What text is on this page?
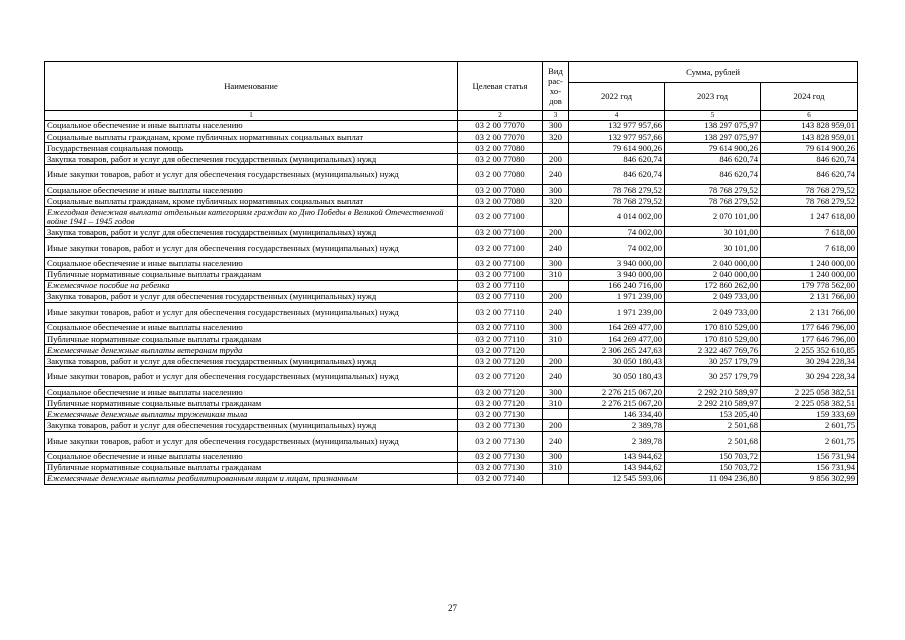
Наименование	Целевая статья	Вид рас-хо-дов	Сумма, рублей		
			2022 год	2023 год	2024 год
1	2	3	4	5	6
Социальное обеспечение и иные выплаты населению	03 2 00 77070	300	132 977 957,66	138 297 075,97	143 828 959,01
Социальные выплаты гражданам, кроме публичных нормативных социальных выплат	03 2 00 77070	320	132 977 957,66	138 297 075,97	143 828 959,01
Государственная социальная помощь	03 2 00 77080		79 614 900,26	79 614 900,26	79 614 900,26
Закупка товаров, работ и услуг для обеспечения государственных (муниципальных) нужд	03 2 00 77080	200	846 620,74	846 620,74	846 620,74
Иные закупки товаров, работ и услуг для обеспечения государственных (муниципальных) нужд	03 2 00 77080	240	846 620,74	846 620,74	846 620,74
Социальное обеспечение и иные выплаты населению	03 2 00 77080	300	78 768 279,52	78 768 279,52	78 768 279,52
Социальные выплаты гражданам, кроме публичных нормативных социальных выплат	03 2 00 77080	320	78 768 279,52	78 768 279,52	78 768 279,52
Ежегодная денежная выплата отдельным категориям граждан ко Дню Победы в Великой Отечественной войне 1941 – 1945 годов	03 2 00 77100		4 014 002,00	2 070 101,00	1 247 618,00
Закупка товаров, работ и услуг для обеспечения государственных (муниципальных) нужд	03 2 00 77100	200	74 002,00	30 101,00	7 618,00
Иные закупки товаров, работ и услуг для обеспечения государственных (муниципальных) нужд	03 2 00 77100	240	74 002,00	30 101,00	7 618,00
Социальное обеспечение и иные выплаты населению	03 2 00 77100	300	3 940 000,00	2 040 000,00	1 240 000,00
Публичные нормативные социальные выплаты гражданам	03 2 00 77100	310	3 940 000,00	2 040 000,00	1 240 000,00
Ежемесячное пособие на ребенка	03 2 00 77110		166 240 716,00	172 860 262,00	179 778 562,00
Закупка товаров, работ и услуг для обеспечения государственных (муниципальных) нужд	03 2 00 77110	200	1 971 239,00	2 049 733,00	2 131 766,00
Иные закупки товаров, работ и услуг для обеспечения государственных (муниципальных) нужд	03 2 00 77110	240	1 971 239,00	2 049 733,00	2 131 766,00
Социальное обеспечение и иные выплаты населению	03 2 00 77110	300	164 269 477,00	170 810 529,00	177 646 796,00
Публичные нормативные социальные выплаты гражданам	03 2 00 77110	310	164 269 477,00	170 810 529,00	177 646 796,00
Ежемесячные денежные выплаты ветеранам труда	03 2 00 77120		2 306 265 247,63	2 322 467 769,76	2 255 352 610,85
Закупка товаров, работ и услуг для обеспечения государственных (муниципальных) нужд	03 2 00 77120	200	30 050 180,43	30 257 179,79	30 294 228,34
Иные закупки товаров, работ и услуг для обеспечения государственных (муниципальных) нужд	03 2 00 77120	240	30 050 180,43	30 257 179,79	30 294 228,34
Социальное обеспечение и иные выплаты населению	03 2 00 77120	300	2 276 215 067,20	2 292 210 589,97	2 225 058 382,51
Публичные нормативные социальные выплаты гражданам	03 2 00 77120	310	2 276 215 067,20	2 292 210 589,97	2 225 058 382,51
Ежемесячные денежные выплаты труженикам тыла	03 2 00 77130		146 334,40	153 205,40	159 333,69
Закупка товаров, работ и услуг для обеспечения государственных (муниципальных) нужд	03 2 00 77130	200	2 389,78	2 501,68	2 601,75
Иные закупки товаров, работ и услуг для обеспечения государственных (муниципальных) нужд	03 2 00 77130	240	2 389,78	2 501,68	2 601,75
Социальное обеспечение и иные выплаты населению	03 2 00 77130	300	143 944,62	150 703,72	156 731,94
Публичные нормативные социальные выплаты гражданам	03 2 00 77130	310	143 944,62	150 703,72	156 731,94
Ежемесячные денежные выплаты реабилитированным лицам и лицам, признанным	03 2 00 77140		12 545 593,06	11 094 236,80	9 856 302,99
27
